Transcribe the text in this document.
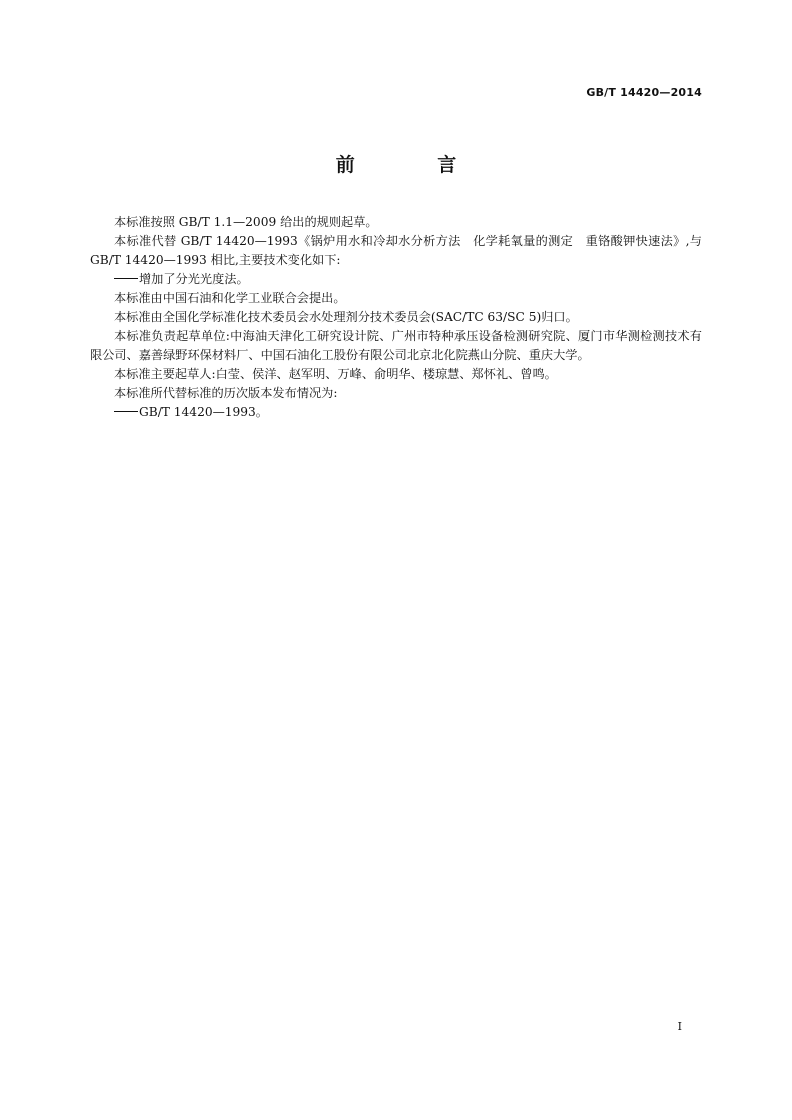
GB/T 14420—2014
前 言

本标准按照 GB/T 1.1—2009 给出的规则起草。

本标准代替 GB/T 14420—1993《锅炉用水和冷却水分析方法　化学耗氧量的测定　重铬酸钾快速法》,与 GB/T 14420—1993 相比,主要技术变化如下:

增加了分光光度法。

本标准由中国石油和化学工业联合会提出。

本标准由全国化学标准化技术委员会水处理剂分技术委员会(SAC/TC 63/SC 5)归口。

本标准负责起草单位:中海油天津化工研究设计院、广州市特种承压设备检测研究院、厦门市华测检测技术有限公司、嘉善绿野环保材料厂、中国石油化工股份有限公司北京北化院燕山分院、重庆大学。

本标准主要起草人:白莹、侯洋、赵军明、万峰、俞明华、楼琼慧、郑怀礼、曾鸣。

本标准所代替标准的历次版本发布情况为:

GB/T 14420—1993。

I
